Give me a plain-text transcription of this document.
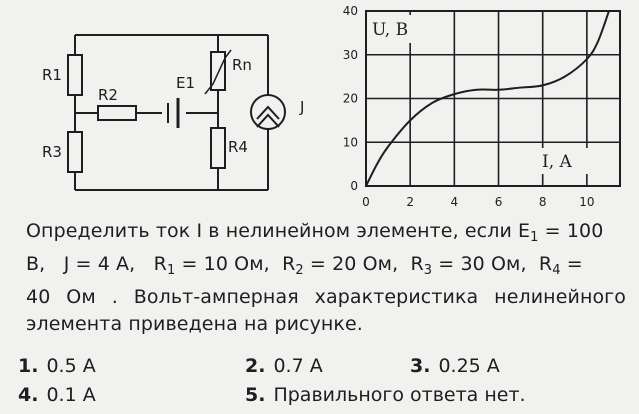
R1
R3
R2
E1
Rn
R4
J
0	2	4	6	8	10
0
10
20
30
40
U, B
I, A
Определить ток I в нелинейном элементе, если $E_1 = 100$
B,   J = 4 A,   $R_1 = 10$ Ом,  $R_2 = 20$ Ом,  $R_3 = 30$ Ом,  $R_4$ =
40 Ом . Вольт-амперная характеристика нелинейного
элемента приведена на рисунке.
1. 0.5 A	2. 0.7 A	3. 0.25 A
4. 0.1 A	5. Правильного ответа нет.
